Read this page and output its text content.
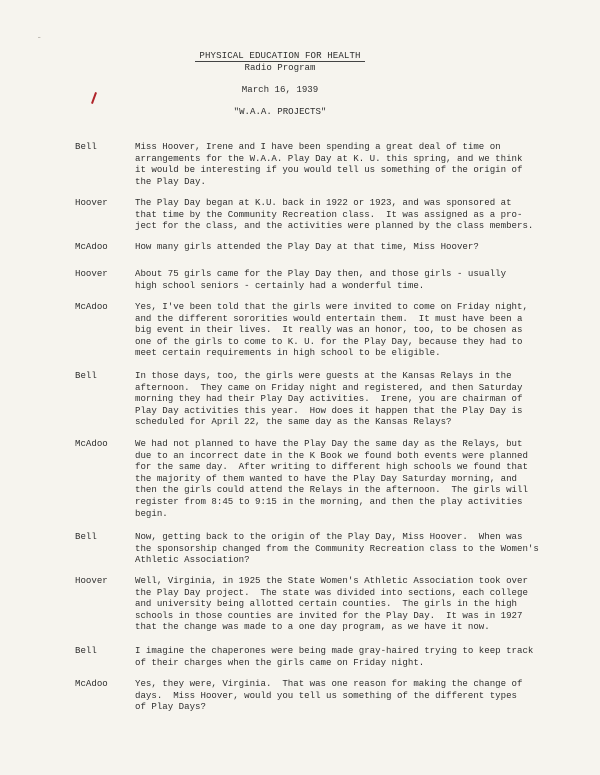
▬
PHYSICAL EDUCATION FOR HEALTH
Radio Program
March 16, 1939
"W.A.A. PROJECTS"
Bell	Miss Hoover, Irene and I have been spending a great deal of time on
arrangements for the W.A.A. Play Day at K. U. this spring, and we think
it would be interesting if you would tell us something of the origin of
the Play Day.
Hoover	The Play Day began at K.U. back in 1922 or 1923, and was sponsored at
that time by the Community Recreation class.  It was assigned as a pro-
ject for the class, and the activities were planned by the class members.
McAdoo	How many girls attended the Play Day at that time, Miss Hoover?
Hoover	About 75 girls came for the Play Day then, and those girls - usually
high school seniors - certainly had a wonderful time.
McAdoo	Yes, I've been told that the girls were invited to come on Friday night,
and the different sororities would entertain them.  It must have been a
big event in their lives.  It really was an honor, too, to be chosen as
one of the girls to come to K. U. for the Play Day, because they had to
meet certain requirements in high school to be eligible.
Bell	In those days, too, the girls were guests at the Kansas Relays in the
afternoon.  They came on Friday night and registered, and then Saturday
morning they had their Play Day activities.  Irene, you are chairman of
Play Day activities this year.  How does it happen that the Play Day is
scheduled for April 22, the same day as the Kansas Relays?
McAdoo	We had not planned to have the Play Day the same day as the Relays, but
due to an incorrect date in the K Book we found both events were planned
for the same day.  After writing to different high schools we found that
the majority of them wanted to have the Play Day Saturday morning, and
then the girls could attend the Relays in the afternoon.  The girls will
register from 8:45 to 9:15 in the morning, and then the play activities
begin.
Bell	Now, getting back to the origin of the Play Day, Miss Hoover.  When was
the sponsorship changed from the Community Recreation class to the Women's
Athletic Association?
Hoover	Well, Virginia, in 1925 the State Women's Athletic Association took over
the Play Day project.  The state was divided into sections, each college
and university being allotted certain counties.  The girls in the high
schools in those counties are invited for the Play Day.  It was in 1927
that the change was made to a one day program, as we have it now.
Bell	I imagine the chaperones were being made gray-haired trying to keep track
of their charges when the girls came on Friday night.
McAdoo	Yes, they were, Virginia.  That was one reason for making the change of
days.  Miss Hoover, would you tell us something of the different types
of Play Days?
